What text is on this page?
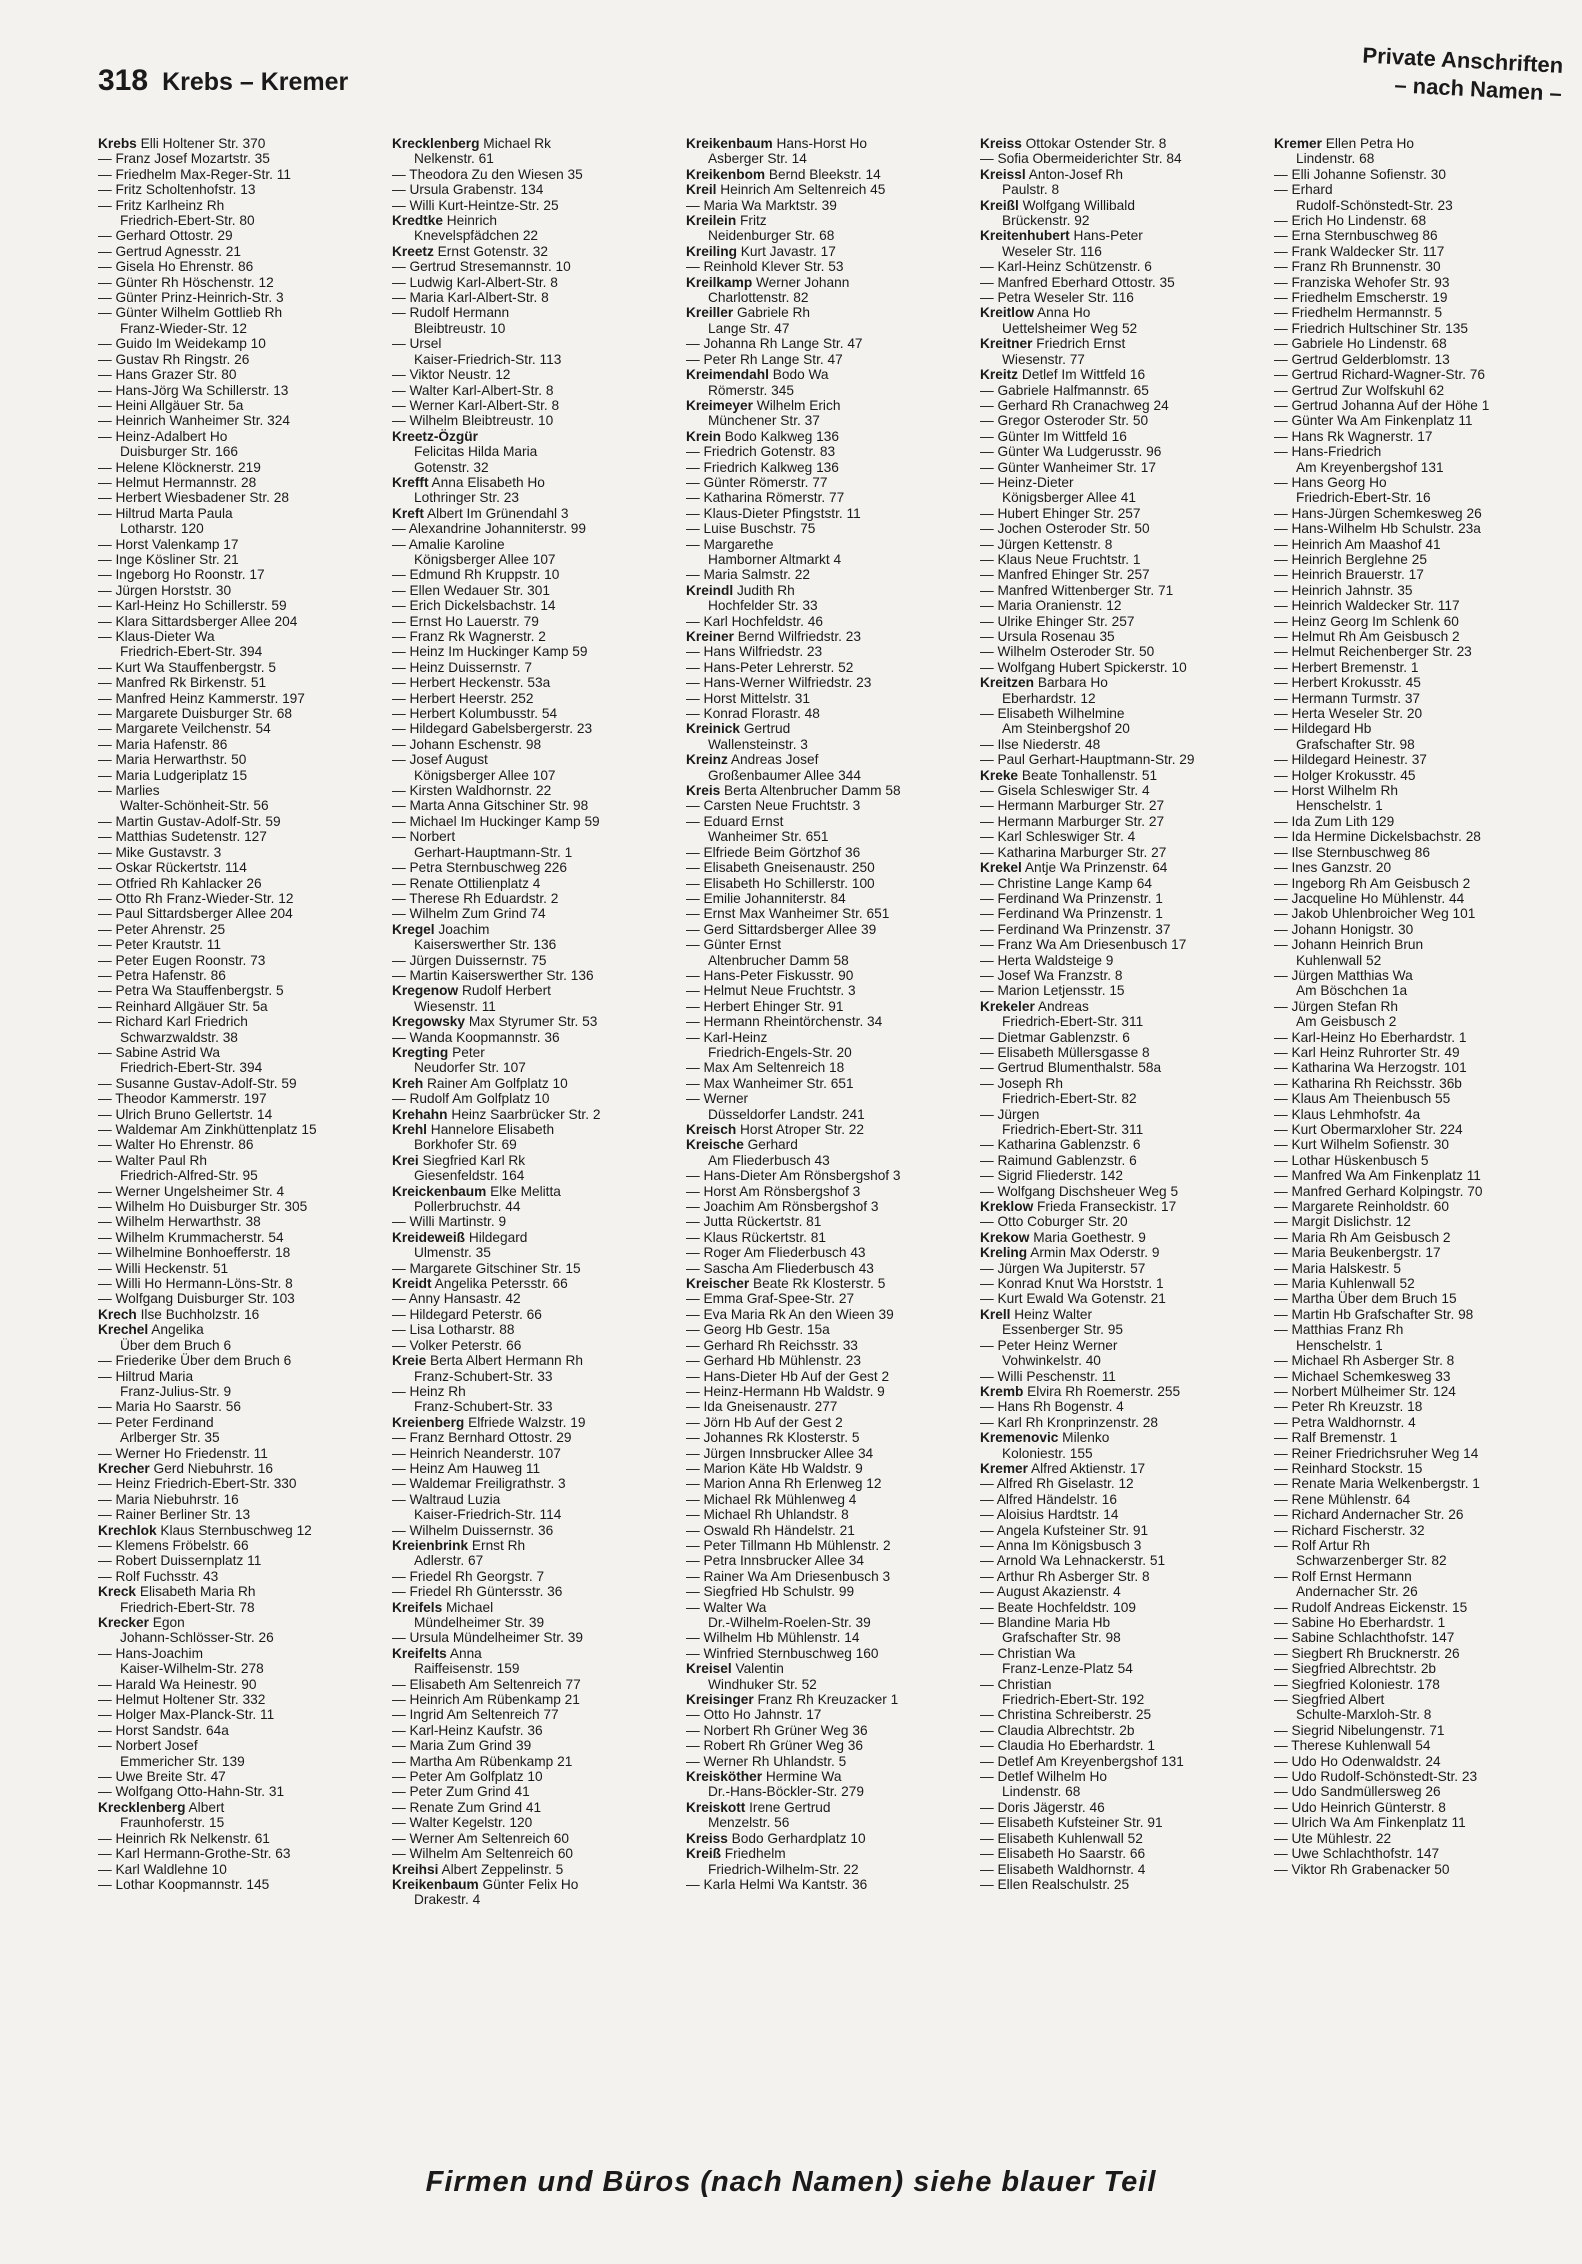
318 Krebs – Kremer
Private Anschriften
– nach Namen –
Krebs Elli Holtener Str. 370
— Franz Josef Mozartstr. 35
— Friedhelm Max-Reger-Str. 11
— Fritz Scholtenhofstr. 13
— Fritz Karlheinz Rh
Friedrich-Ebert-Str. 80
— Gerhard Ottostr. 29
— Gertrud Agnesstr. 21
— Gisela Ho Ehrenstr. 86
— Günter Rh Höschenstr. 12
— Günter Prinz-Heinrich-Str. 3
— Günter Wilhelm Gottlieb Rh
Franz-Wieder-Str. 12
— Guido Im Weidekamp 10
— Gustav Rh Ringstr. 26
— Hans Grazer Str. 80
— Hans-Jörg Wa Schillerstr. 13
— Heini Allgäuer Str. 5a
— Heinrich Wanheimer Str. 324
— Heinz-Adalbert Ho
Duisburger Str. 166
— Helene Klöcknerstr. 219
— Helmut Hermannstr. 28
— Herbert Wiesbadener Str. 28
— Hiltrud Marta Paula
Lotharstr. 120
— Horst Valenkamp 17
— Inge Kösliner Str. 21
— Ingeborg Ho Roonstr. 17
— Jürgen Horststr. 30
— Karl-Heinz Ho Schillerstr. 59
— Klara Sittardsberger Allee 204
— Klaus-Dieter Wa
Friedrich-Ebert-Str. 394
— Kurt Wa Stauffenbergstr. 5
— Manfred Rk Birkenstr. 51
— Manfred Heinz Kammerstr. 197
— Margarete Duisburger Str. 68
— Margarete Veilchenstr. 54
— Maria Hafenstr. 86
— Maria Herwarthstr. 50
— Maria Ludgeriplatz 15
— Marlies
Walter-Schönheit-Str. 56
— Martin Gustav-Adolf-Str. 59
— Matthias Sudetenstr. 127
— Mike Gustavstr. 3
— Oskar Rückertstr. 114
— Otfried Rh Kahlacker 26
— Otto Rh Franz-Wieder-Str. 12
— Paul Sittardsberger Allee 204
— Peter Ahrenstr. 25
— Peter Krautstr. 11
— Peter Eugen Roonstr. 73
— Petra Hafenstr. 86
— Petra Wa Stauffenbergstr. 5
— Reinhard Allgäuer Str. 5a
— Richard Karl Friedrich
Schwarzwaldstr. 38
— Sabine Astrid Wa
Friedrich-Ebert-Str. 394
— Susanne Gustav-Adolf-Str. 59
— Theodor Kammerstr. 197
— Ulrich Bruno Gellertstr. 14
— Waldemar Am Zinkhüttenplatz 15
— Walter Ho Ehrenstr. 86
— Walter Paul Rh
Friedrich-Alfred-Str. 95
— Werner Ungelsheimer Str. 4
— Wilhelm Ho Duisburger Str. 305
— Wilhelm Herwarthstr. 38
— Wilhelm Krummacherstr. 54
— Wilhelmine Bonhoefferstr. 18
— Willi Heckenstr. 51
— Willi Ho Hermann-Löns-Str. 8
— Wolfgang Duisburger Str. 103
Krech Ilse Buchholzstr. 16
Krechel Angelika
Über dem Bruch 6
— Friederike Über dem Bruch 6
— Hiltrud Maria
Franz-Julius-Str. 9
— Maria Ho Saarstr. 56
— Peter Ferdinand
Arlberger Str. 35
— Werner Ho Friedenstr. 11
Krecher Gerd Niebuhrstr. 16
— Heinz Friedrich-Ebert-Str. 330
— Maria Niebuhrstr. 16
— Rainer Berliner Str. 13
Krechlok Klaus Sternbuschweg 12
— Klemens Fröbelstr. 66
— Robert Duissernplatz 11
— Rolf Fuchsstr. 43
Kreck Elisabeth Maria Rh
Friedrich-Ebert-Str. 78
Krecker Egon
Johann-Schlösser-Str. 26
— Hans-Joachim
Kaiser-Wilhelm-Str. 278
— Harald Wa Heinestr. 90
— Helmut Holtener Str. 332
— Holger Max-Planck-Str. 11
— Horst Sandstr. 64a
— Norbert Josef
Emmericher Str. 139
— Uwe Breite Str. 47
— Wolfgang Otto-Hahn-Str. 31
Krecklenberg Albert
Fraunhoferstr. 15
— Heinrich Rk Nelkenstr. 61
— Karl Hermann-Grothe-Str. 63
— Karl Waldlehne 10
— Lothar Koopmannstr. 145
Krecklenberg Michael Rk
Nelkenstr. 61
— Theodora Zu den Wiesen 35
— Ursula Grabenstr. 134
— Willi Kurt-Heintze-Str. 25
Kredtke Heinrich
Knevelspfädchen 22
Kreetz Ernst Gotenstr. 32
— Gertrud Stresemannstr. 10
— Ludwig Karl-Albert-Str. 8
— Maria Karl-Albert-Str. 8
— Rudolf Hermann
Bleibtreustr. 10
— Ursel
Kaiser-Friedrich-Str. 113
— Viktor Neustr. 12
— Walter Karl-Albert-Str. 8
— Werner Karl-Albert-Str. 8
— Wilhelm Bleibtreustr. 10
Kreetz-Özgür
Felicitas Hilda Maria
Gotenstr. 32
Krefft Anna Elisabeth Ho
Lothringer Str. 23
Kreft Albert Im Grünendahl 3
— Alexandrine Johanniterstr. 99
— Amalie Karoline
Königsberger Allee 107
— Edmund Rh Kruppstr. 10
— Ellen Wedauer Str. 301
— Erich Dickelsbachstr. 14
— Ernst Ho Lauerstr. 79
— Franz Rk Wagnerstr. 2
— Heinz Im Huckinger Kamp 59
— Heinz Duissernstr. 7
— Herbert Heckenstr. 53a
— Herbert Heerstr. 252
— Herbert Kolumbusstr. 54
— Hildegard Gabelsbergerstr. 23
— Johann Eschenstr. 98
— Josef August
Königsberger Allee 107
— Kirsten Waldhornstr. 22
— Marta Anna Gitschiner Str. 98
— Michael Im Huckinger Kamp 59
— Norbert
Gerhart-Hauptmann-Str. 1
— Petra Sternbuschweg 226
— Renate Ottilienplatz 4
— Therese Rh Eduardstr. 2
— Wilhelm Zum Grind 74
Kregel Joachim
Kaiserswerther Str. 136
— Jürgen Duissernstr. 75
— Martin Kaiserswerther Str. 136
Kregenow Rudolf Herbert
Wiesenstr. 11
Kregowsky Max Styrumer Str. 53
— Wanda Koopmannstr. 36
Kregting Peter
Neudorfer Str. 107
Kreh Rainer Am Golfplatz 10
— Rudolf Am Golfplatz 10
Krehahn Heinz Saarbrücker Str. 2
Krehl Hannelore Elisabeth
Borkhofer Str. 69
Krei Siegfried Karl Rk
Giesenfeldstr. 164
Kreickenbaum Elke Melitta
Pollerbruchstr. 44
— Willi Martinstr. 9
Kreideweiß Hildegard
Ulmenstr. 35
— Margarete Gitschiner Str. 15
Kreidt Angelika Petersstr. 66
— Anny Hansastr. 42
— Hildegard Peterstr. 66
— Lisa Lotharstr. 88
— Volker Peterstr. 66
Kreie Berta Albert Hermann Rh
Franz-Schubert-Str. 33
— Heinz Rh
Franz-Schubert-Str. 33
Kreienberg Elfriede Walzstr. 19
— Franz Bernhard Ottostr. 29
— Heinrich Neanderstr. 107
— Heinz Am Hauweg 11
— Waldemar Freiligrathstr. 3
— Waltraud Luzia
Kaiser-Friedrich-Str. 114
— Wilhelm Duissernstr. 36
Kreienbrink Ernst Rh
Adlerstr. 67
— Friedel Rh Georgstr. 7
— Friedel Rh Güntersstr. 36
Kreifels Michael
Mündelheimer Str. 39
— Ursula Mündelheimer Str. 39
Kreifelts Anna
Raiffeisenstr. 159
— Elisabeth Am Seltenreich 77
— Heinrich Am Rübenkamp 21
— Ingrid Am Seltenreich 77
— Karl-Heinz Kaufstr. 36
— Maria Zum Grind 39
— Martha Am Rübenkamp 21
— Peter Am Golfplatz 10
— Peter Zum Grind 41
— Renate Zum Grind 41
— Walter Kegelstr. 120
— Werner Am Seltenreich 60
— Wilhelm Am Seltenreich 60
Kreihsi Albert Zeppelinstr. 5
Kreikenbaum Günter Felix Ho
Drakestr. 4
Kreikenbaum Hans-Horst Ho
Asberger Str. 14
Kreikenbom Bernd Bleekstr. 14
Kreil Heinrich Am Seltenreich 45
— Maria Wa Marktstr. 39
Kreilein Fritz
Neidenburger Str. 68
Kreiling Kurt Javastr. 17
— Reinhold Klever Str. 53
Kreilkamp Werner Johann
Charlottenstr. 82
Kreiller Gabriele Rh
Lange Str. 47
— Johanna Rh Lange Str. 47
— Peter Rh Lange Str. 47
Kreimendahl Bodo Wa
Römerstr. 345
Kreimeyer Wilhelm Erich
Münchener Str. 37
Krein Bodo Kalkweg 136
— Friedrich Gotenstr. 83
— Friedrich Kalkweg 136
— Günter Römerstr. 77
— Katharina Römerstr. 77
— Klaus-Dieter Pfingststr. 11
— Luise Buschstr. 75
— Margarethe
Hamborner Altmarkt 4
— Maria Salmstr. 22
Kreindl Judith Rh
Hochfelder Str. 33
— Karl Hochfeldstr. 46
Kreiner Bernd Wilfriedstr. 23
— Hans Wilfriedstr. 23
— Hans-Peter Lehrerstr. 52
— Hans-Werner Wilfriedstr. 23
— Horst Mittelstr. 31
— Konrad Florastr. 48
Kreinick Gertrud
Wallensteinstr. 3
Kreinz Andreas Josef
Großenbaumer Allee 344
Kreis Berta Altenbrucher Damm 58
— Carsten Neue Fruchtstr. 3
— Eduard Ernst
Wanheimer Str. 651
— Elfriede Beim Görtzhof 36
— Elisabeth Gneisenaustr. 250
— Elisabeth Ho Schillerstr. 100
— Emilie Johanniterstr. 84
— Ernst Max Wanheimer Str. 651
— Gerd Sittardsberger Allee 39
— Günter Ernst
Altenbrucher Damm 58
— Hans-Peter Fiskusstr. 90
— Helmut Neue Fruchtstr. 3
— Herbert Ehinger Str. 91
— Hermann Rheintörchenstr. 34
— Karl-Heinz
Friedrich-Engels-Str. 20
— Max Am Seltenreich 18
— Max Wanheimer Str. 651
— Werner
Düsseldorfer Landstr. 241
Kreisch Horst Atroper Str. 22
Kreische Gerhard
Am Fliederbusch 43
— Hans-Dieter Am Rönsbergshof 3
— Horst Am Rönsbergshof 3
— Joachim Am Rönsbergshof 3
— Jutta Rückertstr. 81
— Klaus Rückertstr. 81
— Roger Am Fliederbusch 43
— Sascha Am Fliederbusch 43
Kreischer Beate Rk Klosterstr. 5
— Emma Graf-Spee-Str. 27
— Eva Maria Rk An den Wieen 39
— Georg Hb Gestr. 15a
— Gerhard Rh Reichsstr. 33
— Gerhard Hb Mühlenstr. 23
— Hans-Dieter Hb Auf der Gest 2
— Heinz-Hermann Hb Waldstr. 9
— Ida Gneisenaustr. 277
— Jörn Hb Auf der Gest 2
— Johannes Rk Klosterstr. 5
— Jürgen Innsbrucker Allee 34
— Marion Käte Hb Waldstr. 9
— Marion Anna Rh Erlenweg 12
— Michael Rk Mühlenweg 4
— Michael Rh Uhlandstr. 8
— Oswald Rh Händelstr. 21
— Peter Tillmann Hb Mühlenstr. 2
— Petra Innsbrucker Allee 34
— Rainer Wa Am Driesenbusch 3
— Siegfried Hb Schulstr. 99
— Walter Wa
Dr.-Wilhelm-Roelen-Str. 39
— Wilhelm Hb Mühlenstr. 14
— Winfried Sternbuschweg 160
Kreisel Valentin
Windhuker Str. 52
Kreisinger Franz Rh Kreuzacker 1
— Otto Ho Jahnstr. 17
— Norbert Rh Grüner Weg 36
— Robert Rh Grüner Weg 36
— Werner Rh Uhlandstr. 5
Kreisköther Hermine Wa
Dr.-Hans-Böckler-Str. 279
Kreiskott Irene Gertrud
Menzelstr. 56
Kreiss Bodo Gerhardplatz 10
Kreiß Friedhelm
Friedrich-Wilhelm-Str. 22
— Karla Helmi Wa Kantstr. 36
Kreiss Ottokar Ostender Str. 8
— Sofia Obermeiderichter Str. 84
Kreissl Anton-Josef Rh
Paulstr. 8
Kreißl Wolfgang Willibald
Brückenstr. 92
Kreitenhubert Hans-Peter
Weseler Str. 116
— Karl-Heinz Schützenstr. 6
— Manfred Eberhard Ottostr. 35
— Petra Weseler Str. 116
Kreitlow Anna Ho
Uettelsheimer Weg 52
Kreitner Friedrich Ernst
Wiesenstr. 77
Kreitz Detlef Im Wittfeld 16
— Gabriele Halfmannstr. 65
— Gerhard Rh Cranachweg 24
— Gregor Osteroder Str. 50
— Günter Im Wittfeld 16
— Günter Wa Ludgerusstr. 96
— Günter Wanheimer Str. 17
— Heinz-Dieter
Königsberger Allee 41
— Hubert Ehinger Str. 257
— Jochen Osteroder Str. 50
— Jürgen Kettenstr. 8
— Klaus Neue Fruchtstr. 1
— Manfred Ehinger Str. 257
— Manfred Wittenberger Str. 71
— Maria Oranienstr. 12
— Ulrike Ehinger Str. 257
— Ursula Rosenau 35
— Wilhelm Osteroder Str. 50
— Wolfgang Hubert Spickerstr. 10
Kreitzen Barbara Ho
Eberhardstr. 12
— Elisabeth Wilhelmine
Am Steinbergshof 20
— Ilse Niederstr. 48
— Paul Gerhart-Hauptmann-Str. 29
Kreke Beate Tonhallenstr. 51
— Gisela Schleswiger Str. 4
— Hermann Marburger Str. 27
— Hermann Marburger Str. 27
— Karl Schleswiger Str. 4
— Katharina Marburger Str. 27
Krekel Antje Wa Prinzenstr. 64
— Christine Lange Kamp 64
— Ferdinand Wa Prinzenstr. 1
— Ferdinand Wa Prinzenstr. 1
— Ferdinand Wa Prinzenstr. 37
— Franz Wa Am Driesenbusch 17
— Herta Waldsteige 9
— Josef Wa Franzstr. 8
— Marion Letjensstr. 15
Krekeler Andreas
Friedrich-Ebert-Str. 311
— Dietmar Gablenzstr. 6
— Elisabeth Müllersgasse 8
— Gertrud Blumenthalstr. 58a
— Joseph Rh
Friedrich-Ebert-Str. 82
— Jürgen
Friedrich-Ebert-Str. 311
— Katharina Gablenzstr. 6
— Raimund Gablenzstr. 6
— Sigrid Fliederstr. 142
— Wolfgang Dischsheuer Weg 5
Kreklow Frieda Franseckistr. 17
— Otto Coburger Str. 20
Krekow Maria Goethestr. 9
Kreling Armin Max Oderstr. 9
— Jürgen Wa Jupiterstr. 57
— Konrad Knut Wa Horststr. 1
— Kurt Ewald Wa Gotenstr. 21
Krell Heinz Walter
Essenberger Str. 95
— Peter Heinz Werner
Vohwinkelstr. 40
— Willi Peschenstr. 11
Kremb Elvira Rh Roemerstr. 255
— Hans Rh Bogenstr. 4
— Karl Rh Kronprinzenstr. 28
Kremenovic Milenko
Koloniestr. 155
Kremer Alfred Aktienstr. 17
— Alfred Rh Giselastr. 12
— Alfred Händelstr. 16
— Aloisius Hardtstr. 14
— Angela Kufsteiner Str. 91
— Anna Im Königsbusch 3
— Arnold Wa Lehnackerstr. 51
— Arthur Rh Asberger Str. 8
— August Akazienstr. 4
— Beate Hochfeldstr. 109
— Blandine Maria Hb
Grafschafter Str. 98
— Christian Wa
Franz-Lenze-Platz 54
— Christian
Friedrich-Ebert-Str. 192
— Christina Schreiberstr. 25
— Claudia Albrechtstr. 2b
— Claudia Ho Eberhardstr. 1
— Detlef Am Kreyenbergshof 131
— Detlef Wilhelm Ho
Lindenstr. 68
— Doris Jägerstr. 46
— Elisabeth Kufsteiner Str. 91
— Elisabeth Kuhlenwall 52
— Elisabeth Ho Saarstr. 66
— Elisabeth Waldhornstr. 4
— Ellen Realschulstr. 25
Kremer Ellen Petra Ho
Lindenstr. 68
— Elli Johanne Sofienstr. 30
— Erhard
Rudolf-Schönstedt-Str. 23
— Erich Ho Lindenstr. 68
— Erna Sternbuschweg 86
— Frank Waldecker Str. 117
— Franz Rh Brunnenstr. 30
— Franziska Wehofer Str. 93
— Friedhelm Emscherstr. 19
— Friedhelm Hermannstr. 5
— Friedrich Hultschiner Str. 135
— Gabriele Ho Lindenstr. 68
— Gertrud Gelderblomstr. 13
— Gertrud Richard-Wagner-Str. 76
— Gertrud Zur Wolfskuhl 62
— Gertrud Johanna Auf der Höhe 1
— Günter Wa Am Finkenplatz 11
— Hans Rk Wagnerstr. 17
— Hans-Friedrich
Am Kreyenbergshof 131
— Hans Georg Ho
Friedrich-Ebert-Str. 16
— Hans-Jürgen Schemkesweg 26
— Hans-Wilhelm Hb Schulstr. 23a
— Heinrich Am Maashof 41
— Heinrich Berglehne 25
— Heinrich Brauerstr. 17
— Heinrich Jahnstr. 35
— Heinrich Waldecker Str. 117
— Heinz Georg Im Schlenk 60
— Helmut Rh Am Geisbusch 2
— Helmut Reichenberger Str. 23
— Herbert Bremenstr. 1
— Herbert Krokusstr. 45
— Hermann Turmstr. 37
— Herta Weseler Str. 20
— Hildegard Hb
Grafschafter Str. 98
— Hildegard Heinestr. 37
— Holger Krokusstr. 45
— Horst Wilhelm Rh
Henschelstr. 1
— Ida Zum Lith 129
— Ida Hermine Dickelsbachstr. 28
— Ilse Sternbuschweg 86
— Ines Ganzstr. 20
— Ingeborg Rh Am Geisbusch 2
— Jacqueline Ho Mühlenstr. 44
— Jakob Uhlenbroicher Weg 101
— Johann Honigstr. 30
— Johann Heinrich Brun
Kuhlenwall 52
— Jürgen Matthias Wa
Am Böschchen 1a
— Jürgen Stefan Rh
Am Geisbusch 2
— Karl-Heinz Ho Eberhardstr. 1
— Karl Heinz Ruhrorter Str. 49
— Katharina Wa Herzogstr. 101
— Katharina Rh Reichsstr. 36b
— Klaus Am Theienbusch 55
— Klaus Lehmhofstr. 4a
— Kurt Obermarxloher Str. 224
— Kurt Wilhelm Sofienstr. 30
— Lothar Hüskenbusch 5
— Manfred Wa Am Finkenplatz 11
— Manfred Gerhard Kolpingstr. 70
— Margarete Reinholdstr. 60
— Margit Dislichstr. 12
— Maria Rh Am Geisbusch 2
— Maria Beukenbergstr. 17
— Maria Halskestr. 5
— Maria Kuhlenwall 52
— Martha Über dem Bruch 15
— Martin Hb Grafschafter Str. 98
— Matthias Franz Rh
Henschelstr. 1
— Michael Rh Asberger Str. 8
— Michael Schemkesweg 33
— Norbert Mülheimer Str. 124
— Peter Rh Kreuzstr. 18
— Petra Waldhornstr. 4
— Ralf Bremenstr. 1
— Reiner Friedrichsruher Weg 14
— Reinhard Stockstr. 15
— Renate Maria Welkenbergstr. 1
— Rene Mühlenstr. 64
— Richard Andernacher Str. 26
— Richard Fischerstr. 32
— Rolf Artur Rh
Schwarzenberger Str. 82
— Rolf Ernst Hermann
Andernacher Str. 26
— Rudolf Andreas Eickenstr. 15
— Sabine Ho Eberhardstr. 1
— Sabine Schlachthofstr. 147
— Siegbert Rh Brucknerstr. 26
— Siegfried Albrechtstr. 2b
— Siegfried Koloniestr. 178
— Siegfried Albert
Schulte-Marxloh-Str. 8
— Siegrid Nibelungenstr. 71
— Therese Kuhlenwall 54
— Udo Ho Odenwaldstr. 24
— Udo Rudolf-Schönstedt-Str. 23
— Udo Sandmüllersweg 26
— Udo Heinrich Günterstr. 8
— Ulrich Wa Am Finkenplatz 11
— Ute Mühlestr. 22
— Uwe Schlachthofstr. 147
— Viktor Rh Grabenacker 50
Firmen und Büros (nach Namen) siehe blauer Teil
